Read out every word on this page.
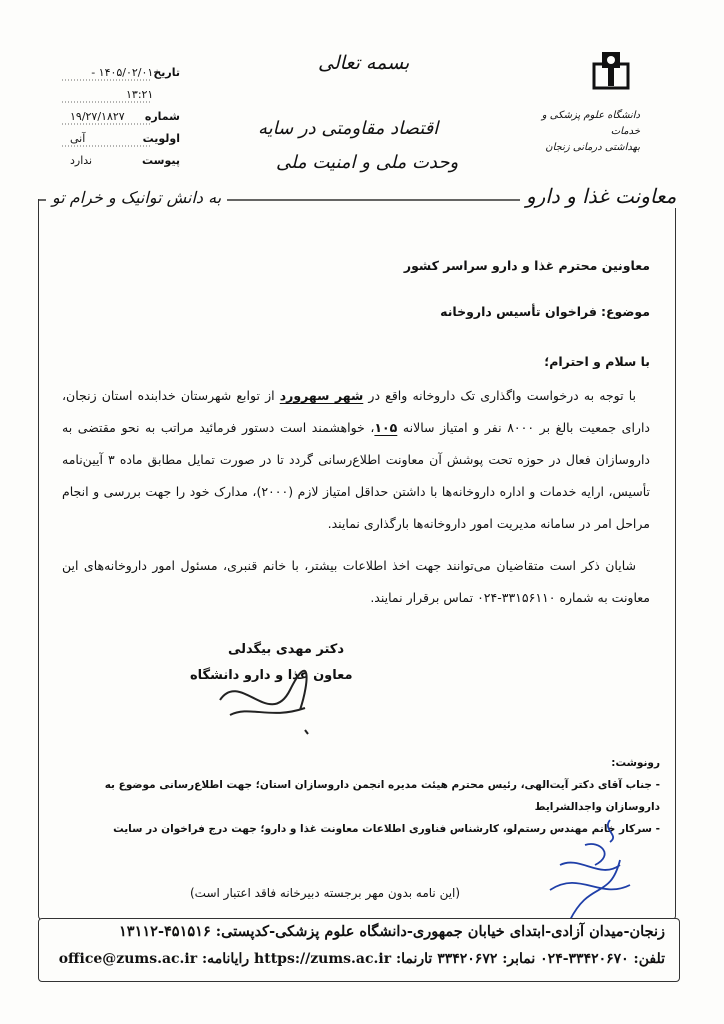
تاریخ
۱۴۰۵/۰۲/۰۱ - ۱۳:۲۱
شماره
۱۹/۲۷/۱۸۲۷
اولویت
آنی
پیوست
ندارد
بسمه تعالی
اقتصاد مقاومتی در سایه
وحدت ملی و امنیت ملی
دانشگاه علوم پزشکی و خدمات
بهداشتی درمانی زنجان
معاونت غذا و دارو
به دانش توانیک و خرام تو
معاونین محترم غذا و دارو سراسر کشور
موضوع: فراخوان تأسیس داروخانه
با سلام و احترام؛
با توجه به درخواست واگذاری تک داروخانه واقع در شهر سهرورد از توابع شهرستان خدابنده استان زنجان، دارای جمعیت بالغ بر ۸۰۰۰ نفر و امتیاز سالانه ۱۰۵، خواهشمند است دستور فرمائید مراتب به نحو مقتضی به داروسازان فعال در حوزه تحت پوشش آن معاونت اطلاع‌رسانی گردد تا در صورت تمایل مطابق ماده ۳ آیین‌نامه تأسیس، ارایه خدمات و اداره داروخانه‌ها با داشتن حداقل امتیاز لازم (۲۰۰۰)، مدارک خود را جهت بررسی و انجام مراحل امر در سامانه مدیریت امور داروخانه‌ها بارگذاری نمایند.
شایان ذکر است متقاضیان می‌توانند جهت اخذ اطلاعات بیشتر، با خانم قنبری، مسئول امور داروخانه‌های این معاونت به شماره ۳۳۱۵۶۱۱۰-۰۲۴ تماس برقرار نمایند.
دکتر مهدی بیگدلی
معاون غذا و دارو دانشگاه
رونوشت:
- جناب آقای دکتر آیت‌الهی، رئیس محترم هیئت مدیره انجمن داروسازان استان؛ جهت اطلاع‌رسانی موضوع به داروسازان واجدالشرایط
- سرکار خانم مهندس رستم‌لو، کارشناس فناوری اطلاعات معاونت غذا و دارو؛ جهت درج فراخوان در سایت
(این نامه بدون مهر برجسته دبیرخانه فاقد اعتبار است)
زنجان-میدان آزادی-ابتدای خیابان جمهوری-دانشگاه علوم پزشکی-کدپستی: ۴۵۱۵۱۶-۱۳۱۱۲
تلفن: ۳۳۴۲۰۶۷۰-۰۲۴ نمابر: ۳۳۴۲۰۶۷۲ تارنما: https://zums.ac.ir رایانامه: office@zums.ac.ir
